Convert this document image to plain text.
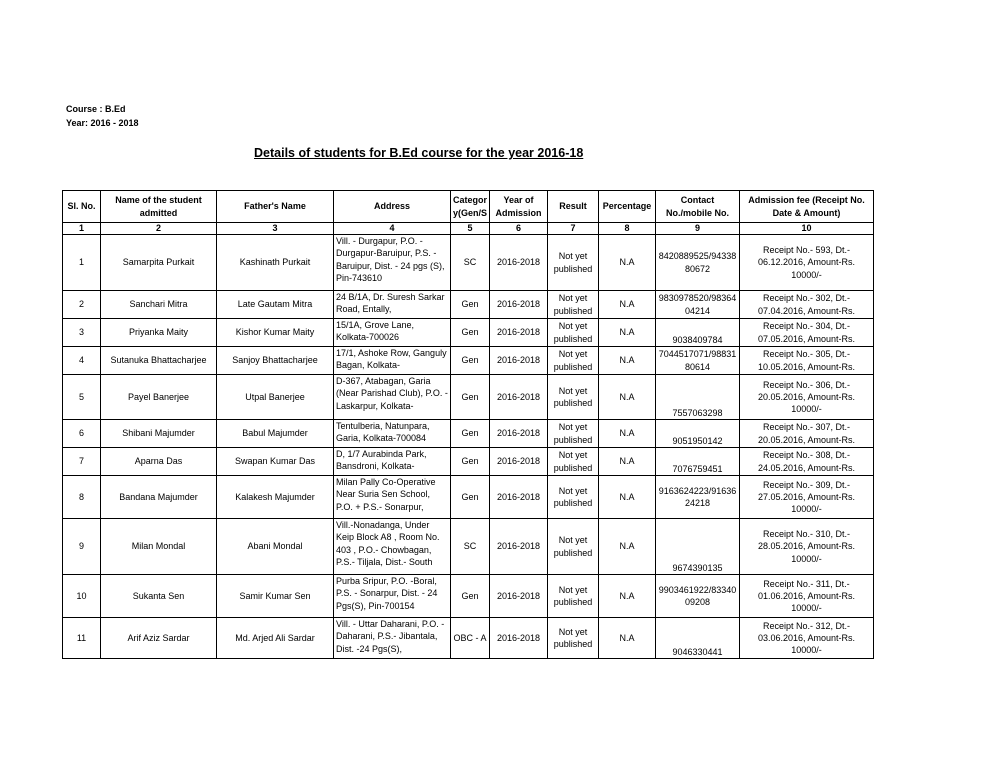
Course : B.Ed
Year: 2016 - 2018
Details of students for B.Ed course for the year 2016-18
Sl. No.	Name of the student admitted	Father's Name	Address	Categor y(Gen/S	Year of Admission	Result	Percentage	Contact No./mobile No.	Admission fee (Receipt No. Date & Amount)
1	2	3	4	5	6	7	8	9	10
1	Samarpita Purkait	Kashinath Purkait	Vill. - Durgapur, P.O. - Durgapur-Baruipur, P.S. - Baruipur, Dist. - 24 pgs (S), Pin-743610	SC	2016-2018	Not yet published	N.A	8420889525/9433880672	Receipt No.- 593, Dt.- 06.12.2016, Amount-Rs. 10000/-

2	Sanchari Mitra	Late Gautam Mitra	24 B/1A, Dr. Suresh Sarkar Road, Entally,	Gen	2016-2018	Not yet published	N.A	9830978520/9836404214	Receipt No.- 302, Dt.- 07.04.2016, Amount-Rs.

3	Priyanka Maity	Kishor Kumar Maity	15/1A, Grove Lane, Kolkata-700026	Gen	2016-2018	Not yet published	N.A	9038409784	Receipt No.- 304, Dt.- 07.05.2016, Amount-Rs.

4	Sutanuka Bhattacharjee	Sanjoy Bhattacharjee	17/1, Ashoke Row, Ganguly Bagan, Kolkata-	Gen	2016-2018	Not yet published	N.A	7044517071/9883180614	Receipt No.- 305, Dt.- 10.05.2016, Amount-Rs.

5	Payel Banerjee	Utpal Banerjee	D-367, Atabagan, Garia (Near Parishad Club), P.O. - Laskarpur, Kolkata-	Gen	2016-2018	Not yet published	N.A	7557063298	Receipt No.- 306, Dt.- 20.05.2016, Amount-Rs. 10000/-

6	Shibani Majumder	Babul Majumder	Tentulberia, Natunpara, Garia, Kolkata-700084	Gen	2016-2018	Not yet published	N.A	9051950142	Receipt No.- 307, Dt.- 20.05.2016, Amount-Rs.

7	Aparna Das	Swapan Kumar Das	D, 1/7 Aurabinda Park, Bansdroni, Kolkata-	Gen	2016-2018	Not yet published	N.A	7076759451	Receipt No.- 308, Dt.- 24.05.2016, Amount-Rs.

8	Bandana Majumder	Kalakesh Majumder	Milan Pally Co-Operative Near Suria Sen School, P.O. + P.S.- Sonarpur,	Gen	2016-2018	Not yet published	N.A	9163624223/9163624218	Receipt No.- 309, Dt.- 27.05.2016, Amount-Rs. 10000/-

9	Milan Mondal	Abani Mondal	Vill.-Nonadanga, Under Keip Block A8 , Room No. 403 , P.O.- Chowbagan, P.S.- Tiljala, Dist.- South	SC	2016-2018	Not yet published	N.A	9674390135	Receipt No.- 310, Dt.- 28.05.2016, Amount-Rs. 10000/-

10	Sukanta Sen	Samir Kumar Sen	Purba Sripur, P.O. -Boral, P.S. - Sonarpur, Dist. - 24 Pgs(S), Pin-700154	Gen	2016-2018	Not yet published	N.A	9903461922/8334009208	Receipt No.- 311, Dt.- 01.06.2016, Amount-Rs. 10000/-

11	Arif Aziz Sardar	Md. Arjed Ali Sardar	Vill. - Uttar Daharani, P.O. - Daharani, P.S.- Jibantala, Dist. -24 Pgs(S),	OBC - A	2016-2018	Not yet published	N.A	9046330441	Receipt No.- 312, Dt.- 03.06.2016, Amount-Rs. 10000/-
